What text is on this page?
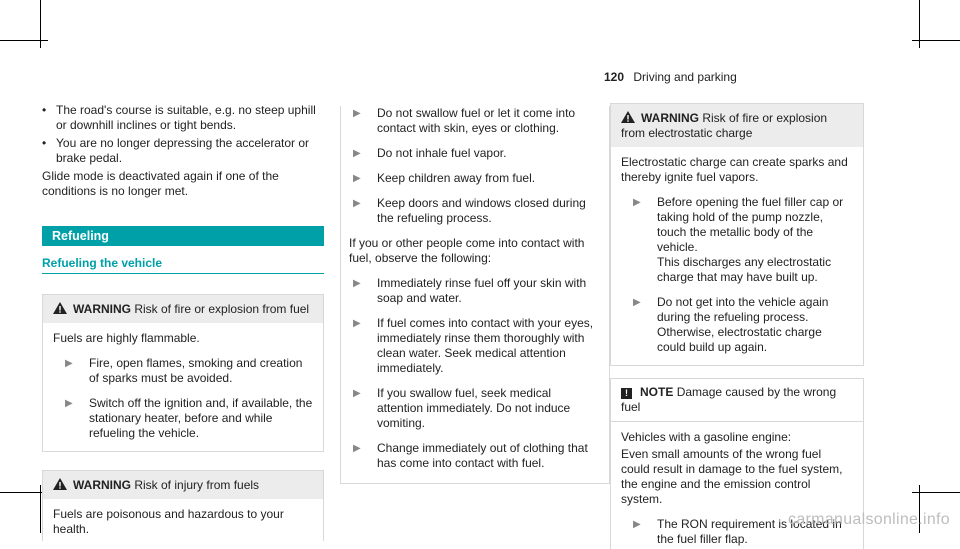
120 Driving and parking
• The road's course is suitable, e.g. no steep uphill or downhill inclines or tight bends.
• You are no longer depressing the accelerator or brake pedal.

Glide mode is deactivated again if one of the conditions is no longer met.

Refueling
Refueling the vehicle
WARNING Risk of fire or explosion from fuel

Fuels are highly flammable.

▶ Fire, open flames, smoking and creation of sparks must be avoided.
▶ Switch off the ignition and, if available, the stationary heater, before and while refueling the vehicle.
WARNING Risk of injury from fuels

Fuels are poisonous and hazardous to your health.

▶ Do not swallow fuel or let it come into contact with skin, eyes or clothing.
▶ Do not inhale fuel vapor.
▶ Keep children away from fuel.
▶ Keep doors and windows closed during the refueling process.

If you or other people come into contact with fuel, observe the following:

▶ Immediately rinse fuel off your skin with soap and water.
▶ If fuel comes into contact with your eyes, immediately rinse them thoroughly with clean water. Seek medical attention immediately.
▶ If you swallow fuel, seek medical attention immediately. Do not induce vomiting.
▶ Change immediately out of clothing that has come into contact with fuel.
WARNING Risk of fire or explosion from electrostatic charge

Electrostatic charge can create sparks and thereby ignite fuel vapors.

▶ Before opening the fuel filler cap or taking hold of the pump nozzle, touch the metallic body of the vehicle.
This discharges any electrostatic charge that may have built up.
▶ Do not get into the vehicle again during the refueling process.
Otherwise, electrostatic charge could build up again.
! NOTE Damage caused by the wrong fuel

Vehicles with a gasoline engine:

Even small amounts of the wrong fuel could result in damage to the fuel system, the engine and the emission control system.

▶ The RON requirement is located in the fuel filler flap.
carmanualsonline.info
